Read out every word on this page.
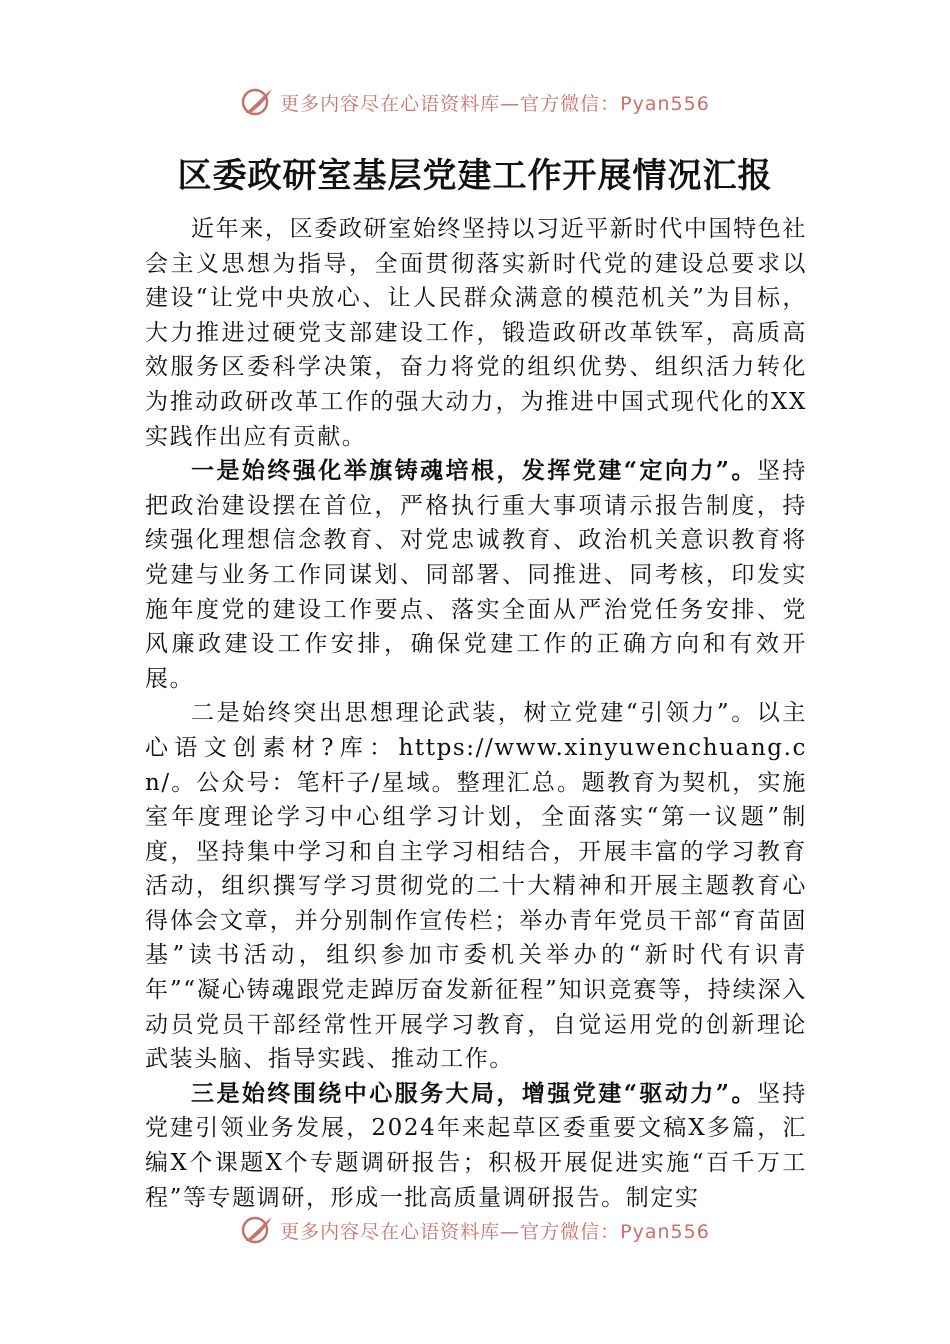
更多内容尽在心语资料库—官方微信：Pyan556
区委政研室基层党建工作开展情况汇报

近年来，区委政研室始终坚持以习近平新时代中国特色社会主义思想为指导，全面贯彻落实新时代党的建设总要求以建设“让党中央放心、让人民群众满意的模范机关”为目标，大力推进过硬党支部建设工作，锻造政研改革铁军，高质高效服务区委科学决策，奋力将党的组织优势、组织活力转化为推动政研改革工作的强大动力，为推进中国式现代化的XX实践作出应有贡献。

一是始终强化举旗铸魂培根，发挥党建“定向力”。坚持把政治建设摆在首位，严格执行重大事项请示报告制度，持续强化理想信念教育、对党忠诚教育、政治机关意识教育将党建与业务工作同谋划、同部署、同推进、同考核，印发实施年度党的建设工作要点、落实全面从严治党任务安排、党风廉政建设工作安排，确保党建工作的正确方向和有效开展。

二是始终突出思想理论武装，树立党建“引领力”。以主心语文创素材?库：https://www.xinyuwenchuang.cn/。公众号：笔杆子/星域。整理汇总。题教育为契机，实施室年度理论学习中心组学习计划，全面落实“第一议题”制度，坚持集中学习和自主学习相结合，开展丰富的学习教育活动，组织撰写学习贯彻党的二十大精神和开展主题教育心得体会文章，并分别制作宣传栏；举办青年党员干部“育苗固基”读书活动，组织参加市委机关举办的“新时代有识青年”“凝心铸魂跟党走踔厉奋发新征程”知识竞赛等，持续深入动员党员干部经常性开展学习教育，自觉运用党的创新理论武装头脑、指导实践、推动工作。

三是始终围绕中心服务大局，增强党建“驱动力”。坚持党建引领业务发展，2024年来起草区委重要文稿X多篇，汇编X个课题X个专题调研报告；积极开展促进实施“百千万工程”等专题调研，形成一批高质量调研报告。制定实

更多内容尽在心语资料库—官方微信：Pyan556
